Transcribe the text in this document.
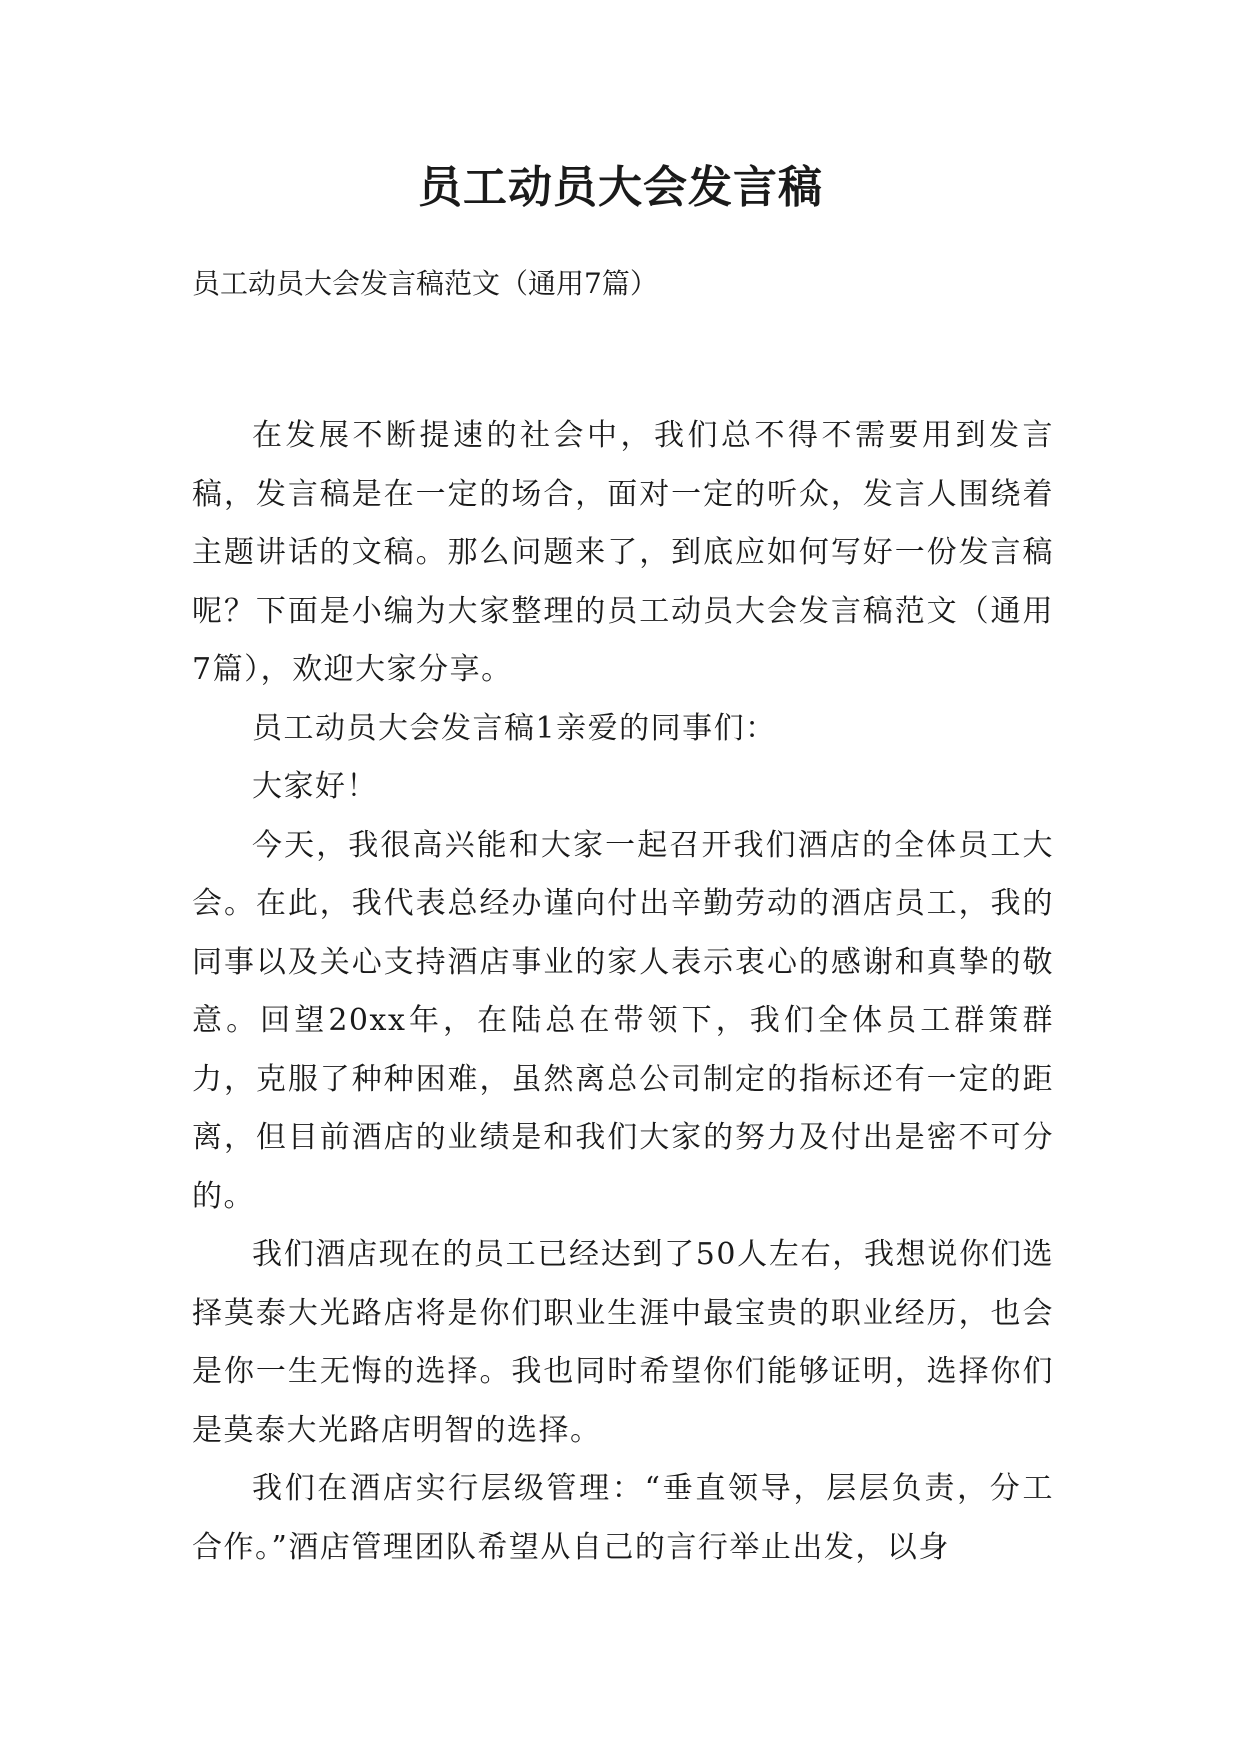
员工动员大会发言稿

员工动员大会发言稿范文（通用7篇）

在发展不断提速的社会中，我们总不得不需要用到发言稿，发言稿是在一定的场合，面对一定的听众，发言人围绕着主题讲话的文稿。那么问题来了，到底应如何写好一份发言稿呢？下面是小编为大家整理的员工动员大会发言稿范文（通用7篇），欢迎大家分享。

员工动员大会发言稿1亲爱的同事们：

大家好！

今天，我很高兴能和大家一起召开我们酒店的全体员工大会。在此，我代表总经办谨向付出辛勤劳动的酒店员工，我的同事以及关心支持酒店事业的家人表示衷心的感谢和真挚的敬意。回望20xx年，在陆总在带领下，我们全体员工群策群力，克服了种种困难，虽然离总公司制定的指标还有一定的距离，但目前酒店的业绩是和我们大家的努力及付出是密不可分的。

我们酒店现在的员工已经达到了50人左右，我想说你们选择莫泰大光路店将是你们职业生涯中最宝贵的职业经历，也会是你一生无悔的选择。我也同时希望你们能够证明，选择你们是莫泰大光路店明智的选择。

我们在酒店实行层级管理：“垂直领导，层层负责，分工合作。”酒店管理团队希望从自己的言行举止出发，以身
